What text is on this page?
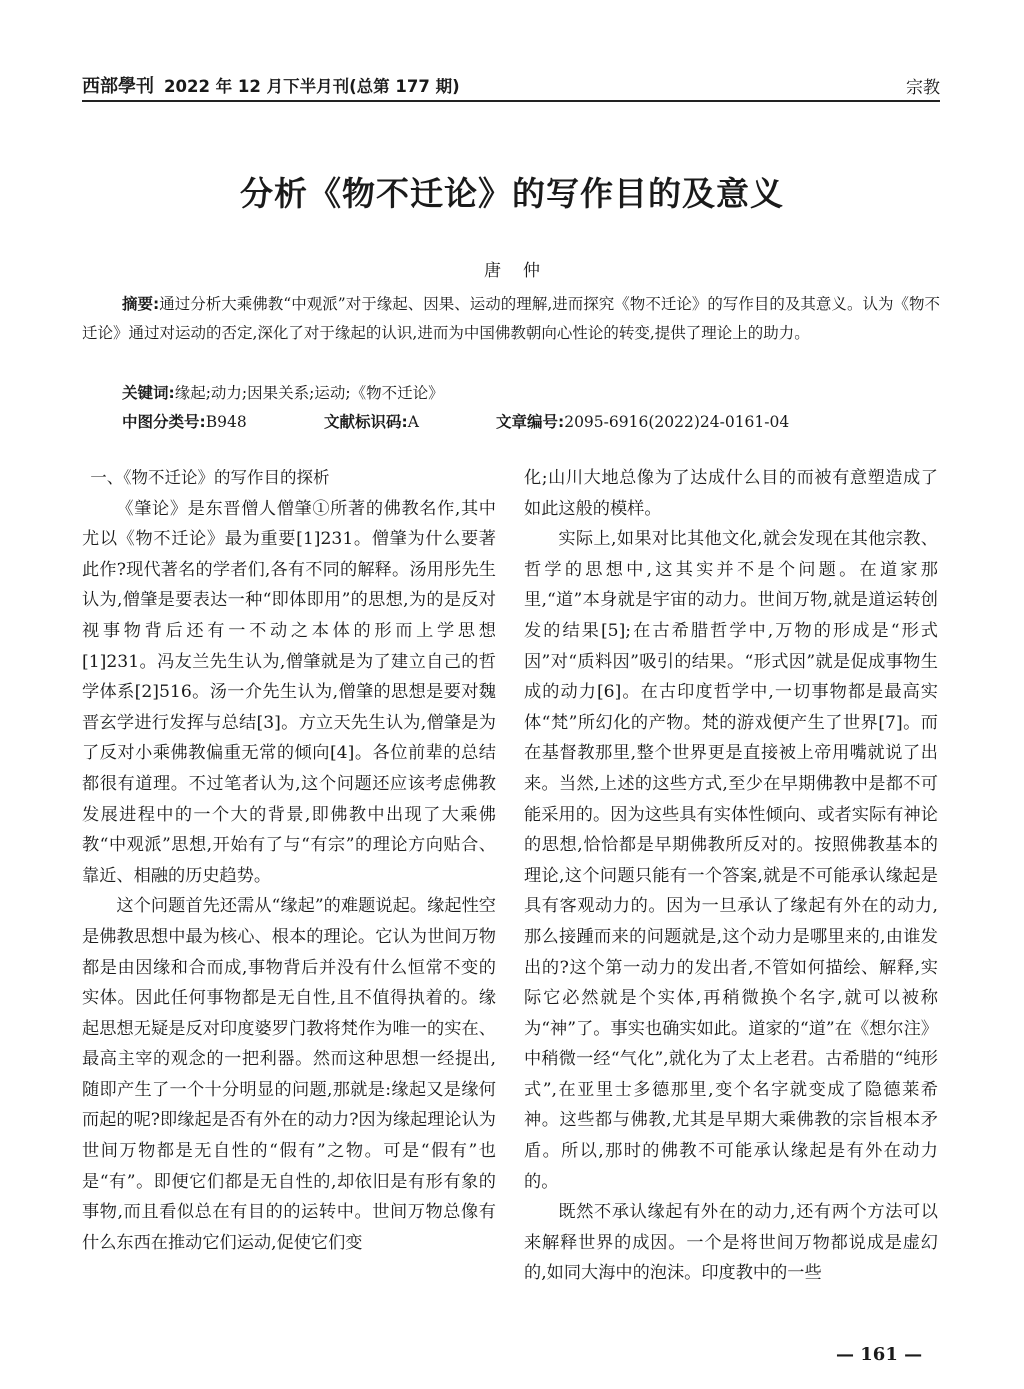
西部學刊 2022 年 12 月下半月刊(总第 177 期)	宗教
分析《物不迁论》的写作目的及意义
唐仲
摘要:通过分析大乘佛教“中观派”对于缘起、因果、运动的理解,进而探究《物不迁论》的写作目的及其意义。认为《物不迁论》通过对运动的否定,深化了对于缘起的认识,进而为中国佛教朝向心性论的转变,提供了理论上的助力。
关键词:缘起;动力;因果关系;运动;《物不迁论》
中图分类号:B948	文献标识码:A	文章编号:2095-6916(2022)24-0161-04
一、《物不迁论》的写作目的探析

《肇论》是东晋僧人僧肇①所著的佛教名作,其中尤以《物不迁论》最为重要[1]231。僧肇为什么要著此作?现代著名的学者们,各有不同的解释。汤用彤先生认为,僧肇是要表达一种“即体即用”的思想,为的是反对视事物背后还有一不动之本体的形而上学思想[1]231。冯友兰先生认为,僧肇就是为了建立自己的哲学体系[2]516。汤一介先生认为,僧肇的思想是要对魏晋玄学进行发挥与总结[3]。方立天先生认为,僧肇是为了反对小乘佛教偏重无常的倾向[4]。各位前辈的总结都很有道理。不过笔者认为,这个问题还应该考虑佛教发展进程中的一个大的背景,即佛教中出现了大乘佛教“中观派”思想,开始有了与“有宗”的理论方向贴合、靠近、相融的历史趋势。

这个问题首先还需从“缘起”的难题说起。缘起性空是佛教思想中最为核心、根本的理论。它认为世间万物都是由因缘和合而成,事物背后并没有什么恒常不变的实体。因此任何事物都是无自性,且不值得执着的。缘起思想无疑是反对印度婆罗门教将梵作为唯一的实在、最高主宰的观念的一把利器。然而这种思想一经提出,随即产生了一个十分明显的问题,那就是:缘起又是缘何而起的呢?即缘起是否有外在的动力?因为缘起理论认为世间万物都是无自性的“假有”之物。可是“假有”也是“有”。即便它们都是无自性的,却依旧是有形有象的事物,而且看似总在有目的的运转中。世间万物总像有什么东西在推动它们运动,促使它们变

化;山川大地总像为了达成什么目的而被有意塑造成了如此这般的模样。

实际上,如果对比其他文化,就会发现在其他宗教、哲学的思想中,这其实并不是个问题。在道家那里,“道”本身就是宇宙的动力。世间万物,就是道运转创发的结果[5];在古希腊哲学中,万物的形成是“形式因”对“质料因”吸引的结果。“形式因”就是促成事物生成的动力[6]。在古印度哲学中,一切事物都是最高实体“梵”所幻化的产物。梵的游戏便产生了世界[7]。而在基督教那里,整个世界更是直接被上帝用嘴就说了出来。当然,上述的这些方式,至少在早期佛教中是都不可能采用的。因为这些具有实体性倾向、或者实际有神论的思想,恰恰都是早期佛教所反对的。按照佛教基本的理论,这个问题只能有一个答案,就是不可能承认缘起是具有客观动力的。因为一旦承认了缘起有外在的动力,那么接踵而来的问题就是,这个动力是哪里来的,由谁发出的?这个第一动力的发出者,不管如何描绘、解释,实际它必然就是个实体,再稍微换个名字,就可以被称为“神”了。事实也确实如此。道家的“道”在《想尔注》中稍微一经“气化”,就化为了太上老君。古希腊的“纯形式”,在亚里士多德那里,变个名字就变成了隐德莱希神。这些都与佛教,尤其是早期大乘佛教的宗旨根本矛盾。所以,那时的佛教不可能承认缘起是有外在动力的。

既然不承认缘起有外在的动力,还有两个方法可以来解释世界的成因。一个是将世间万物都说成是虚幻的,如同大海中的泡沫。印度教中的一些

— 161 —
